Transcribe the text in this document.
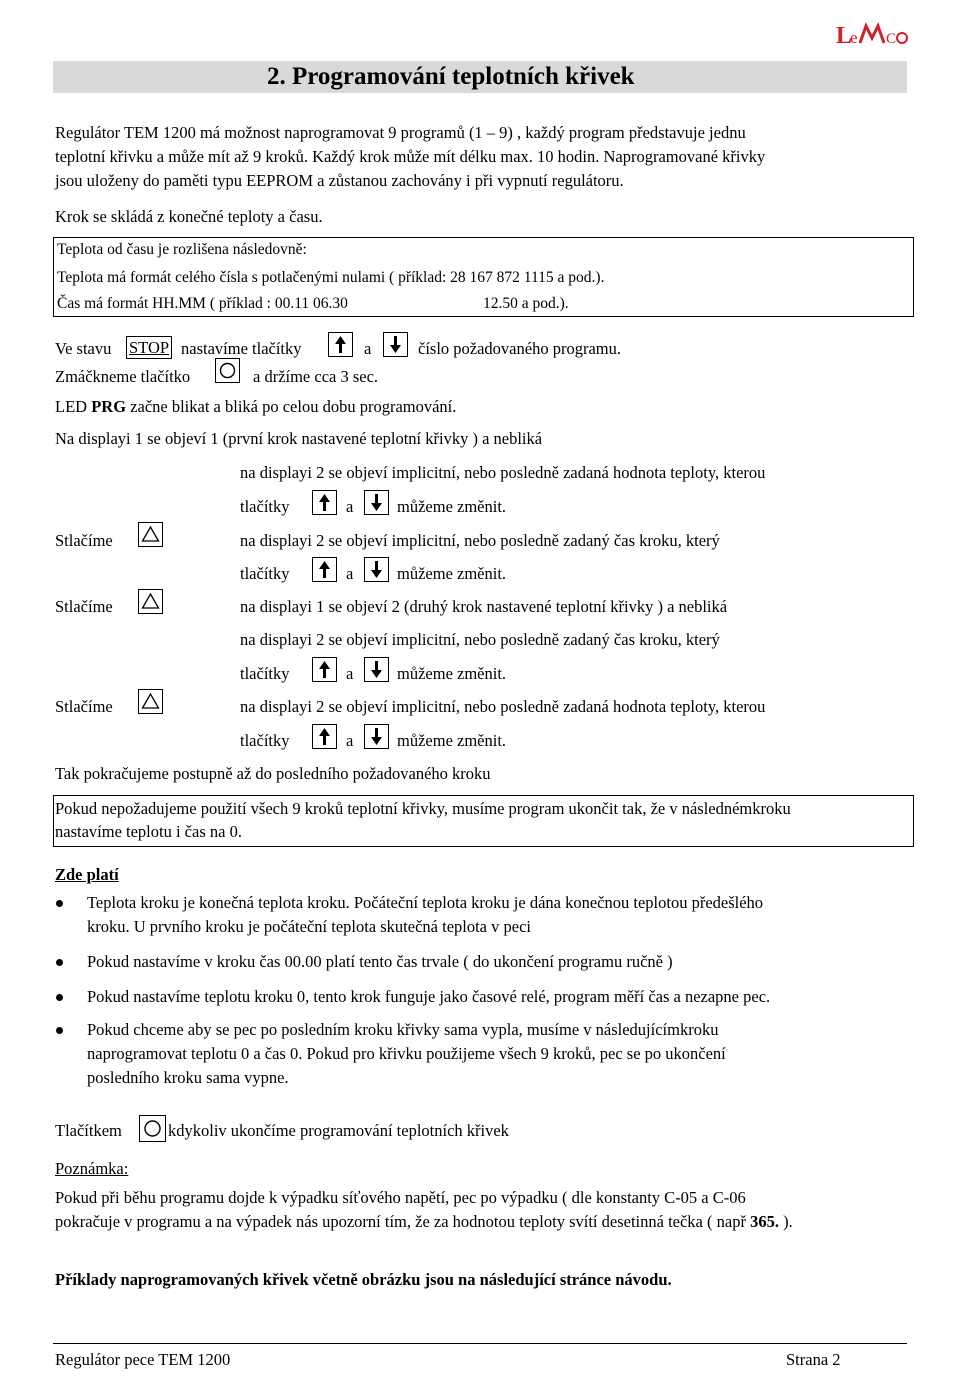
L
e C
2. Programování teplotních křivek
Regulátor TEM 1200 má možnost naprogramovat 9 programů (1 – 9) , každý program představuje jednu
teplotní křivku a může mít až 9 kroků. Každý krok může mít délku max. 10 hodin. Naprogramované křivky
jsou uloženy do paměti typu EEPROM a zůstanou zachovány i při vypnutí regulátoru.
Krok se skládá z konečné teploty a času.
Teplota od času je rozlišena následovně:
Teplota má formát celého čísla s potlačenými nulami ( příklad: 28 167 872 1115 a pod.).
Čas má formát HH.MM ( příklad : 00.11 06.30	12.50 a pod.).
Ve stavu STOP nastavíme tlačítky	a	číslo požadovaného programu.
Zmáčkneme tlačítko	a držíme cca 3 sec.
LED PRG začne blikat a bliká po celou dobu programování.
Na displayi 1 se objeví 1 (první krok nastavené teplotní křivky ) a nebliká
na displayi 2 se objeví implicitní, nebo posledně zadaná hodnota teploty, kterou
tlačítky	a	můžeme změnit.
Stlačíme	na displayi 2 se objeví implicitní, nebo posledně zadaný čas kroku, který
tlačítky	a	můžeme změnit.
Stlačíme	na displayi 1 se objeví 2 (druhý krok nastavené teplotní křivky ) a nebliká
na displayi 2 se objeví implicitní, nebo posledně zadaný čas kroku, který
tlačítky	a	můžeme změnit.
Stlačíme	na displayi 2 se objeví implicitní, nebo posledně zadaná hodnota teploty, kterou
tlačítky	a	můžeme změnit.
Tak pokračujeme postupně až do posledního požadovaného kroku
Pokud nepožadujeme použití všech 9 kroků teplotní křivky, musíme program ukončit tak, že v následnémkroku
nastavíme teplotu i čas na 0.
Zde platí
Teplota kroku je konečná teplota kroku. Počáteční teplota kroku je dána konečnou teplotou předešlého
kroku. U prvního kroku je počáteční teplota skutečná teplota v peci
Pokud nastavíme v kroku čas 00.00 platí tento čas trvale ( do ukončení programu ručně )
Pokud nastavíme teplotu kroku 0, tento krok funguje jako časové relé, program měří čas a nezapne pec.
Pokud chceme aby se pec po posledním kroku křivky sama vypla, musíme v následujícímkroku
naprogramovat teplotu 0 a čas 0. Pokud pro křivku použijeme všech 9 kroků, pec se po ukončení
posledního kroku sama vypne.
Tlačítkem	kdykoliv ukončíme programování teplotních křivek
Poznámka:
Pokud při běhu programu dojde k výpadku síťového napětí, pec po výpadku ( dle konstanty C-05 a C-06
pokračuje v programu a na výpadek nás upozorní tím, že za hodnotou teploty svítí desetinná tečka ( např 365. ).
Příklady naprogramovaných křivek včetně obrázku jsou na následující stránce návodu.
Regulátor pece TEM 1200	Strana 2
